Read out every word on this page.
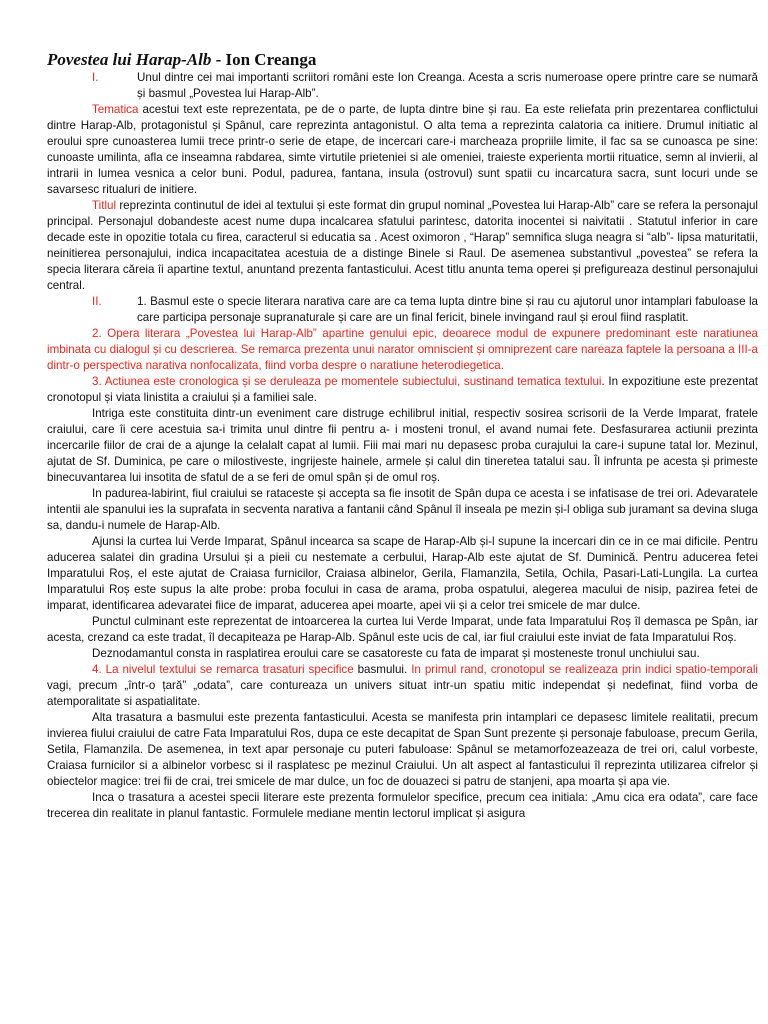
Povestea lui Harap-Alb - Ion Creanga
I.	Unul dintre cei mai importanti scriitori români este Ion Creanga. Acesta a scris numeroase opere printre care se numară și basmul „Povestea lui Harap-Alb”.

Tematica acestui text este reprezentata, pe de o parte, de lupta dintre bine și rau. Ea este reliefata prin prezentarea conflictului dintre Harap-Alb, protagonistul și Spânul, care reprezinta antagonistul. O alta tema a reprezinta calatoria ca initiere. Drumul initiatic al eroului spre cunoasterea lumii trece printr-o serie de etape, de incercari care-i marcheaza propriile limite, il fac sa se cunoasca pe sine: cunoaste umilinta, afla ce inseamna rabdarea, simte virtutile prieteniei si ale omeniei, traieste experienta mortii rituatice, semn al invierii, al intrarii in lumea vesnica a celor buni. Podul, padurea, fantana, insula (ostrovul) sunt spatii cu incarcatura sacra, sunt locuri unde se savarsesc ritualuri de initiere.

Titlul reprezinta continutul de idei al textului și este format din grupul nominal „Povestea lui Harap-Alb” care se refera la personajul principal. Personajul dobandeste acest nume dupa incalcarea sfatului parintesc, datorita inocentei si naivitatii . Statutul inferior in care decade este in opozitie totala cu firea, caracterul si educatia sa . Acest oximoron , “Harap” semnifica sluga neagra si “alb”- lipsa maturitatii, neinitierea personajului, indica incapacitatea acestuia de a distinge Binele si Raul. De asemenea substantivul „povestea” se refera la specia literara căreia îi apartine textul, anuntand prezenta fantasticului. Acest titlu anunta tema operei și prefigureaza destinul personajului central.

II.	1. Basmul este o specie literara narativa care are ca tema lupta dintre bine și rau cu ajutorul unor intamplari fabuloase la care participa personaje supranaturale și care are un final fericit, binele invingand raul și eroul fiind rasplatit.

2. Opera literara „Povestea lui Harap-Alb” apartine genului epic, deoarece modul de expunere predominant este naratiunea imbinata cu dialogul și cu descrierea. Se remarca prezenta unui narator omniscient și omniprezent care nareaza faptele la persoana a III-a dintr-o perspectiva narativa nonfocalizata, fiind vorba despre o naratiune heterodiegetica.

3. Actiunea este cronologica și se deruleaza pe momentele subiectului, sustinand tematica textului. In expozitiune este prezentat cronotopul și viata linistita a craiului și a familiei sale.

Intriga este constituita dintr-un eveniment care distruge echilibrul initial, respectiv sosirea scrisorii de la Verde Imparat, fratele craiului, care îi cere acestuia sa-i trimita unul dintre fii pentru a- i mosteni tronul, el avand numai fete. Desfasurarea actiunii prezinta incercarile fiilor de crai de a ajunge la celalalt capat al lumii. Fiii mai mari nu depasesc proba curajului la care-i supune tatal lor. Mezinul, ajutat de Sf. Duminica, pe care o milostiveste, ingrijeste hainele, armele și calul din tineretea tatalui sau. Îl infrunta pe acesta și primeste binecuvantarea lui insotita de sfatul de a se feri de omul spân și de omul roș.

In padurea-labirint, fiul craiului se rataceste și accepta sa fie insotit de Spân dupa ce acesta i se infatisase de trei ori. Adevaratele intentii ale spanului ies la suprafata in secventa narativa a fantanii când Spânul îl inseala pe mezin și-l obliga sub juramant sa devina sluga sa, dandu-i numele de Harap-Alb.

Ajunsi la curtea lui Verde Imparat, Spânul incearca sa scape de Harap-Alb și-l supune la incercari din ce in ce mai dificile. Pentru aducerea salatei din gradina Ursului și a pieii cu nestemate a cerbului, Harap-Alb este ajutat de Sf. Duminică. Pentru aducerea fetei Imparatului Roș, el este ajutat de Craiasa furnicilor, Craiasa albinelor, Gerila, Flamanzila, Setila, Ochila, Pasari-Lati-Lungila. La curtea Imparatului Roș este supus la alte probe: proba focului in casa de arama, proba ospatului, alegerea macului de nisip, pazirea fetei de imparat, identificarea adevaratei fiice de imparat, aducerea apei moarte, apei vii și a celor trei smicele de mar dulce.

Punctul culminant este reprezentat de intoarcerea la curtea lui Verde Imparat, unde fata Imparatului Roș îl demasca pe Spân, iar acesta, crezand ca este tradat, îl decapiteaza pe Harap-Alb. Spânul este ucis de cal, iar fiul craiului este inviat de fata Imparatului Roș.

Deznodamantul consta in rasplatirea eroului care se casatoreste cu fata de imparat și mosteneste tronul unchiului sau.

4. La nivelul textului se remarca trasaturi specifice basmului. In primul rand, cronotopul se realizeaza prin indici spatio-temporali vagi, precum „într-o țară” „odata”, care contureaza un univers situat intr-un spatiu mitic independat și nedefinat, fiind vorba de atemporalitate si aspatialitate.

Alta trasatura a basmului este prezenta fantasticului. Acesta se manifesta prin intamplari ce depasesc limitele realitatii, precum invierea fiului craiului de catre Fata Imparatului Ros, dupa ce este decapitat de Span Sunt prezente și personaje fabuloase, precum Gerila, Setila, Flamanzila. De asemenea, in text apar personaje cu puteri fabuloase: Spânul se metamorfozeazeaza de trei ori, calul vorbeste, Craiasa furnicilor si a albinelor vorbesc si il rasplatesc pe mezinul Craiului. Un alt aspect al fantasticului îl reprezinta utilizarea cifrelor și obiectelor magice: trei fii de crai, trei smicele de mar dulce, un foc de douazeci si patru de stanjeni, apa moarta și apa vie.

Inca o trasatura a acestei specii literare este prezenta formulelor specifice, precum cea initiala: „Amu cica era odata”, care face trecerea din realitate in planul fantastic. Formulele mediane mentin lectorul implicat și asigura
